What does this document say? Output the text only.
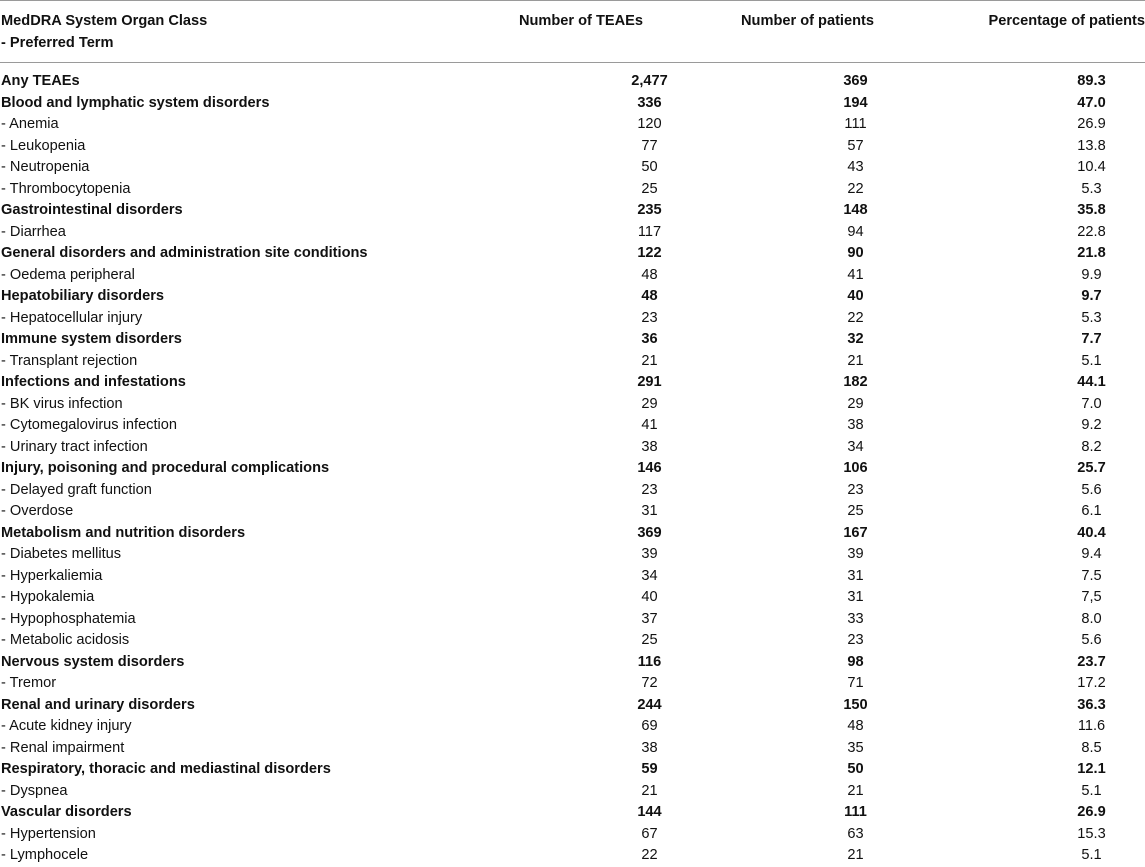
MedDRA System Organ Class
- Preferred Term	Number of TEAEs	Number of patients	Percentage of patients

Any TEAEs	2,477	369	89.3
Blood and lymphatic system disorders	336	194	47.0
- Anemia	120	111	26.9
- Leukopenia	77	57	13.8
- Neutropenia	50	43	10.4
- Thrombocytopenia	25	22	5.3
Gastrointestinal disorders	235	148	35.8
- Diarrhea	117	94	22.8
General disorders and administration site conditions	122	90	21.8
- Oedema peripheral	48	41	9.9
Hepatobiliary disorders	48	40	9.7
- Hepatocellular injury	23	22	5.3
Immune system disorders	36	32	7.7
- Transplant rejection	21	21	5.1
Infections and infestations	291	182	44.1
- BK virus infection	29	29	7.0
- Cytomegalovirus infection	41	38	9.2
- Urinary tract infection	38	34	8.2
Injury, poisoning and procedural complications	146	106	25.7
- Delayed graft function	23	23	5.6
- Overdose	31	25	6.1
Metabolism and nutrition disorders	369	167	40.4
- Diabetes mellitus	39	39	9.4
- Hyperkaliemia	34	31	7.5
- Hypokalemia	40	31	7,5
- Hypophosphatemia	37	33	8.0
- Metabolic acidosis	25	23	5.6
Nervous system disorders	116	98	23.7
- Tremor	72	71	17.2
Renal and urinary disorders	244	150	36.3
- Acute kidney injury	69	48	11.6
- Renal impairment	38	35	8.5
Respiratory, thoracic and mediastinal disorders	59	50	12.1
- Dyspnea	21	21	5.1
Vascular disorders	144	111	26.9
- Hypertension	67	63	15.3
- Lymphocele	22	21	5.1
